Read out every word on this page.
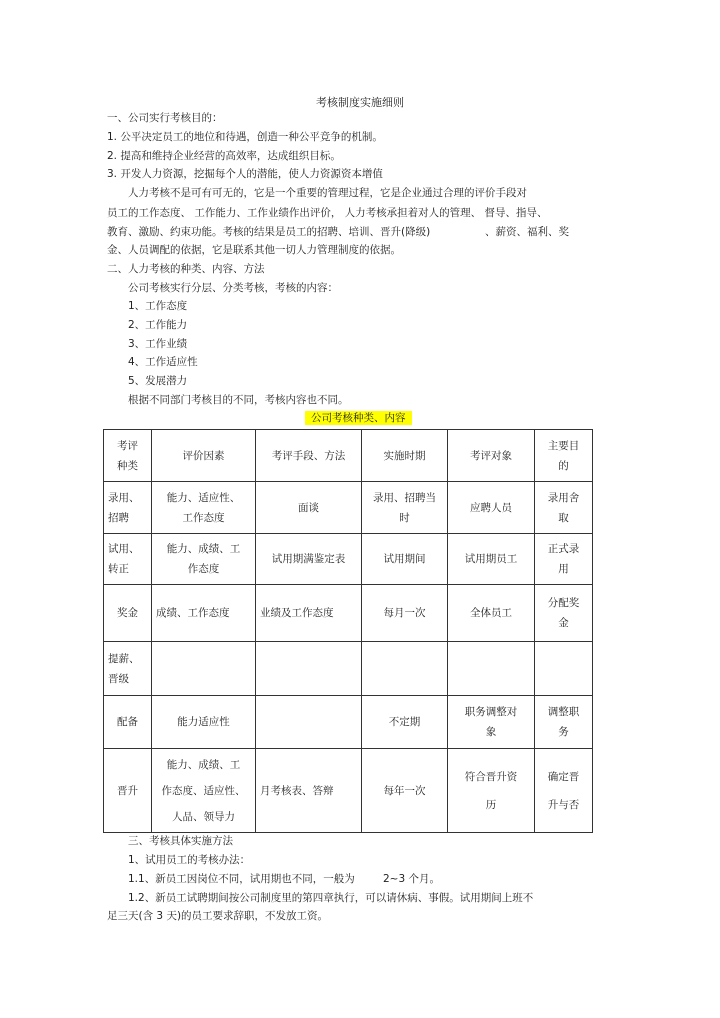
考核制度实施细则
一、公司实行考核目的：
1. 公平决定员工的地位和待遇，创造一种公平竞争的机制。
2. 提高和维持企业经营的高效率，达成组织目标。
3. 开发人力资源，挖掘每个人的潜能，使人力资源资本增值
人力考核不是可有可无的，它是一个重要的管理过程，它是企业通过合理的评价手段对
员工的工作态度、 工作能力、工作业绩作出评价， 人力考核承担着对人的管理、 督导、指导、
教育、激励、约束功能。考核的结果是员工的招聘、培训、晋升(降级)	、薪资、福利、奖
金、人员调配的依据，它是联系其他一切人力管理制度的依据。
二、人力考核的种类、内容、方法
公司考核实行分层、分类考核，考核的内容：
1、工作态度
2、工作能力
3、工作业绩
4、工作适应性
5、发展潜力
根据不同部门考核目的不同，考核内容也不同。
公司考核种类、内容
考评
种类	评价因素	考评手段、方法	实施时期	考评对象	主要目
的
录用、
招聘	能力、适应性、
工作态度	面谈	录用、招聘当
时	应聘人员	录用舍
取
试用、
转正	能力、成绩、工
作态度	试用期满鉴定表	试用期间	试用期员工	正式录
用
奖金	成绩、工作态度	业绩及工作态度	每月一次	全体员工	分配奖
金
提薪、
晋级					
配备	能力适应性		不定期	职务调整对
象	调整职
务
晋升	能力、成绩、工
作态度、适应性、
人品、领导力	月考核表、答辩	每年一次	符合晋升资
历	确定晋
升与否
三、考核具体实施方法
1、试用员工的考核办法：
1.1、新员工因岗位不同，试用期也不同，一般为	2~3 个月。
1.2、新员工试聘期间按公司制度里的第四章执行，可以请休病、事假。试用期间上班不
足三天(含 3 天)的员工要求辞职，不发放工资。
